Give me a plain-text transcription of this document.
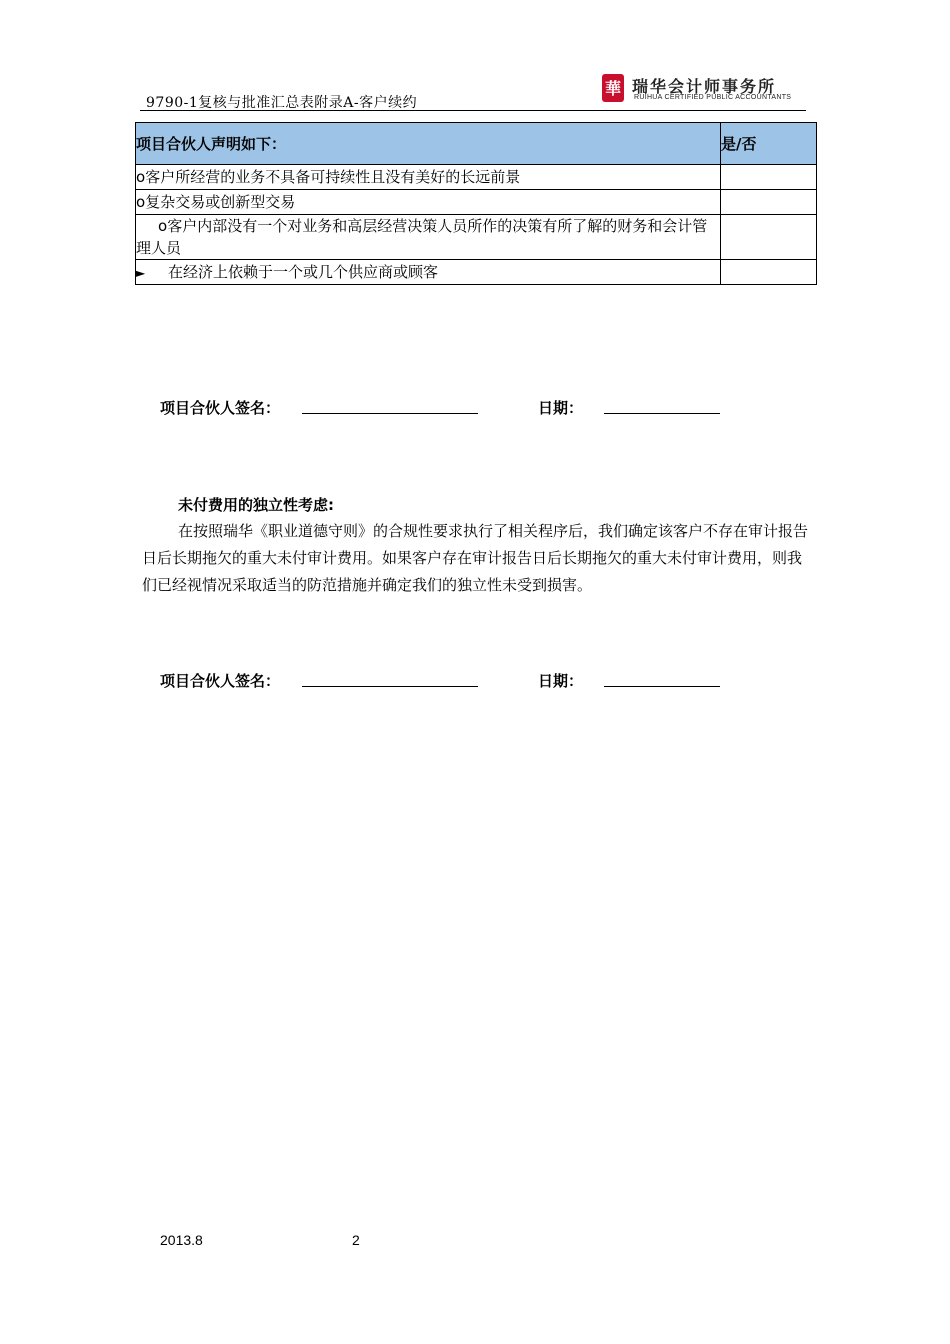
9790-1复核与批准汇总表附录A-客户续约
華 瑞华会计师事务所
RUIHUA CERTIFIED PUBLIC ACCOUNTANTS
项目合伙人声明如下：	是/否
o客户所经营的业务不具备可持续性且没有美好的长远前景	
o复杂交易或创新型交易	
o客户内部没有一个对业务和高层经营决策人员所作的决策有所了解的财务和会计管理人员	
► 在经济上依赖于一个或几个供应商或顾客	
项目合伙人签名：	日期：
未付费用的独立性考虑:
在按照瑞华《职业道德守则》的合规性要求执行了相关程序后，我们确定该客户不存在审计报告日后长期拖欠的重大未付审计费用。如果客户存在审计报告日后长期拖欠的重大未付审计费用，则我们已经视情况采取适当的防范措施并确定我们的独立性未受到损害。
项目合伙人签名：	日期：
2013.8	2
